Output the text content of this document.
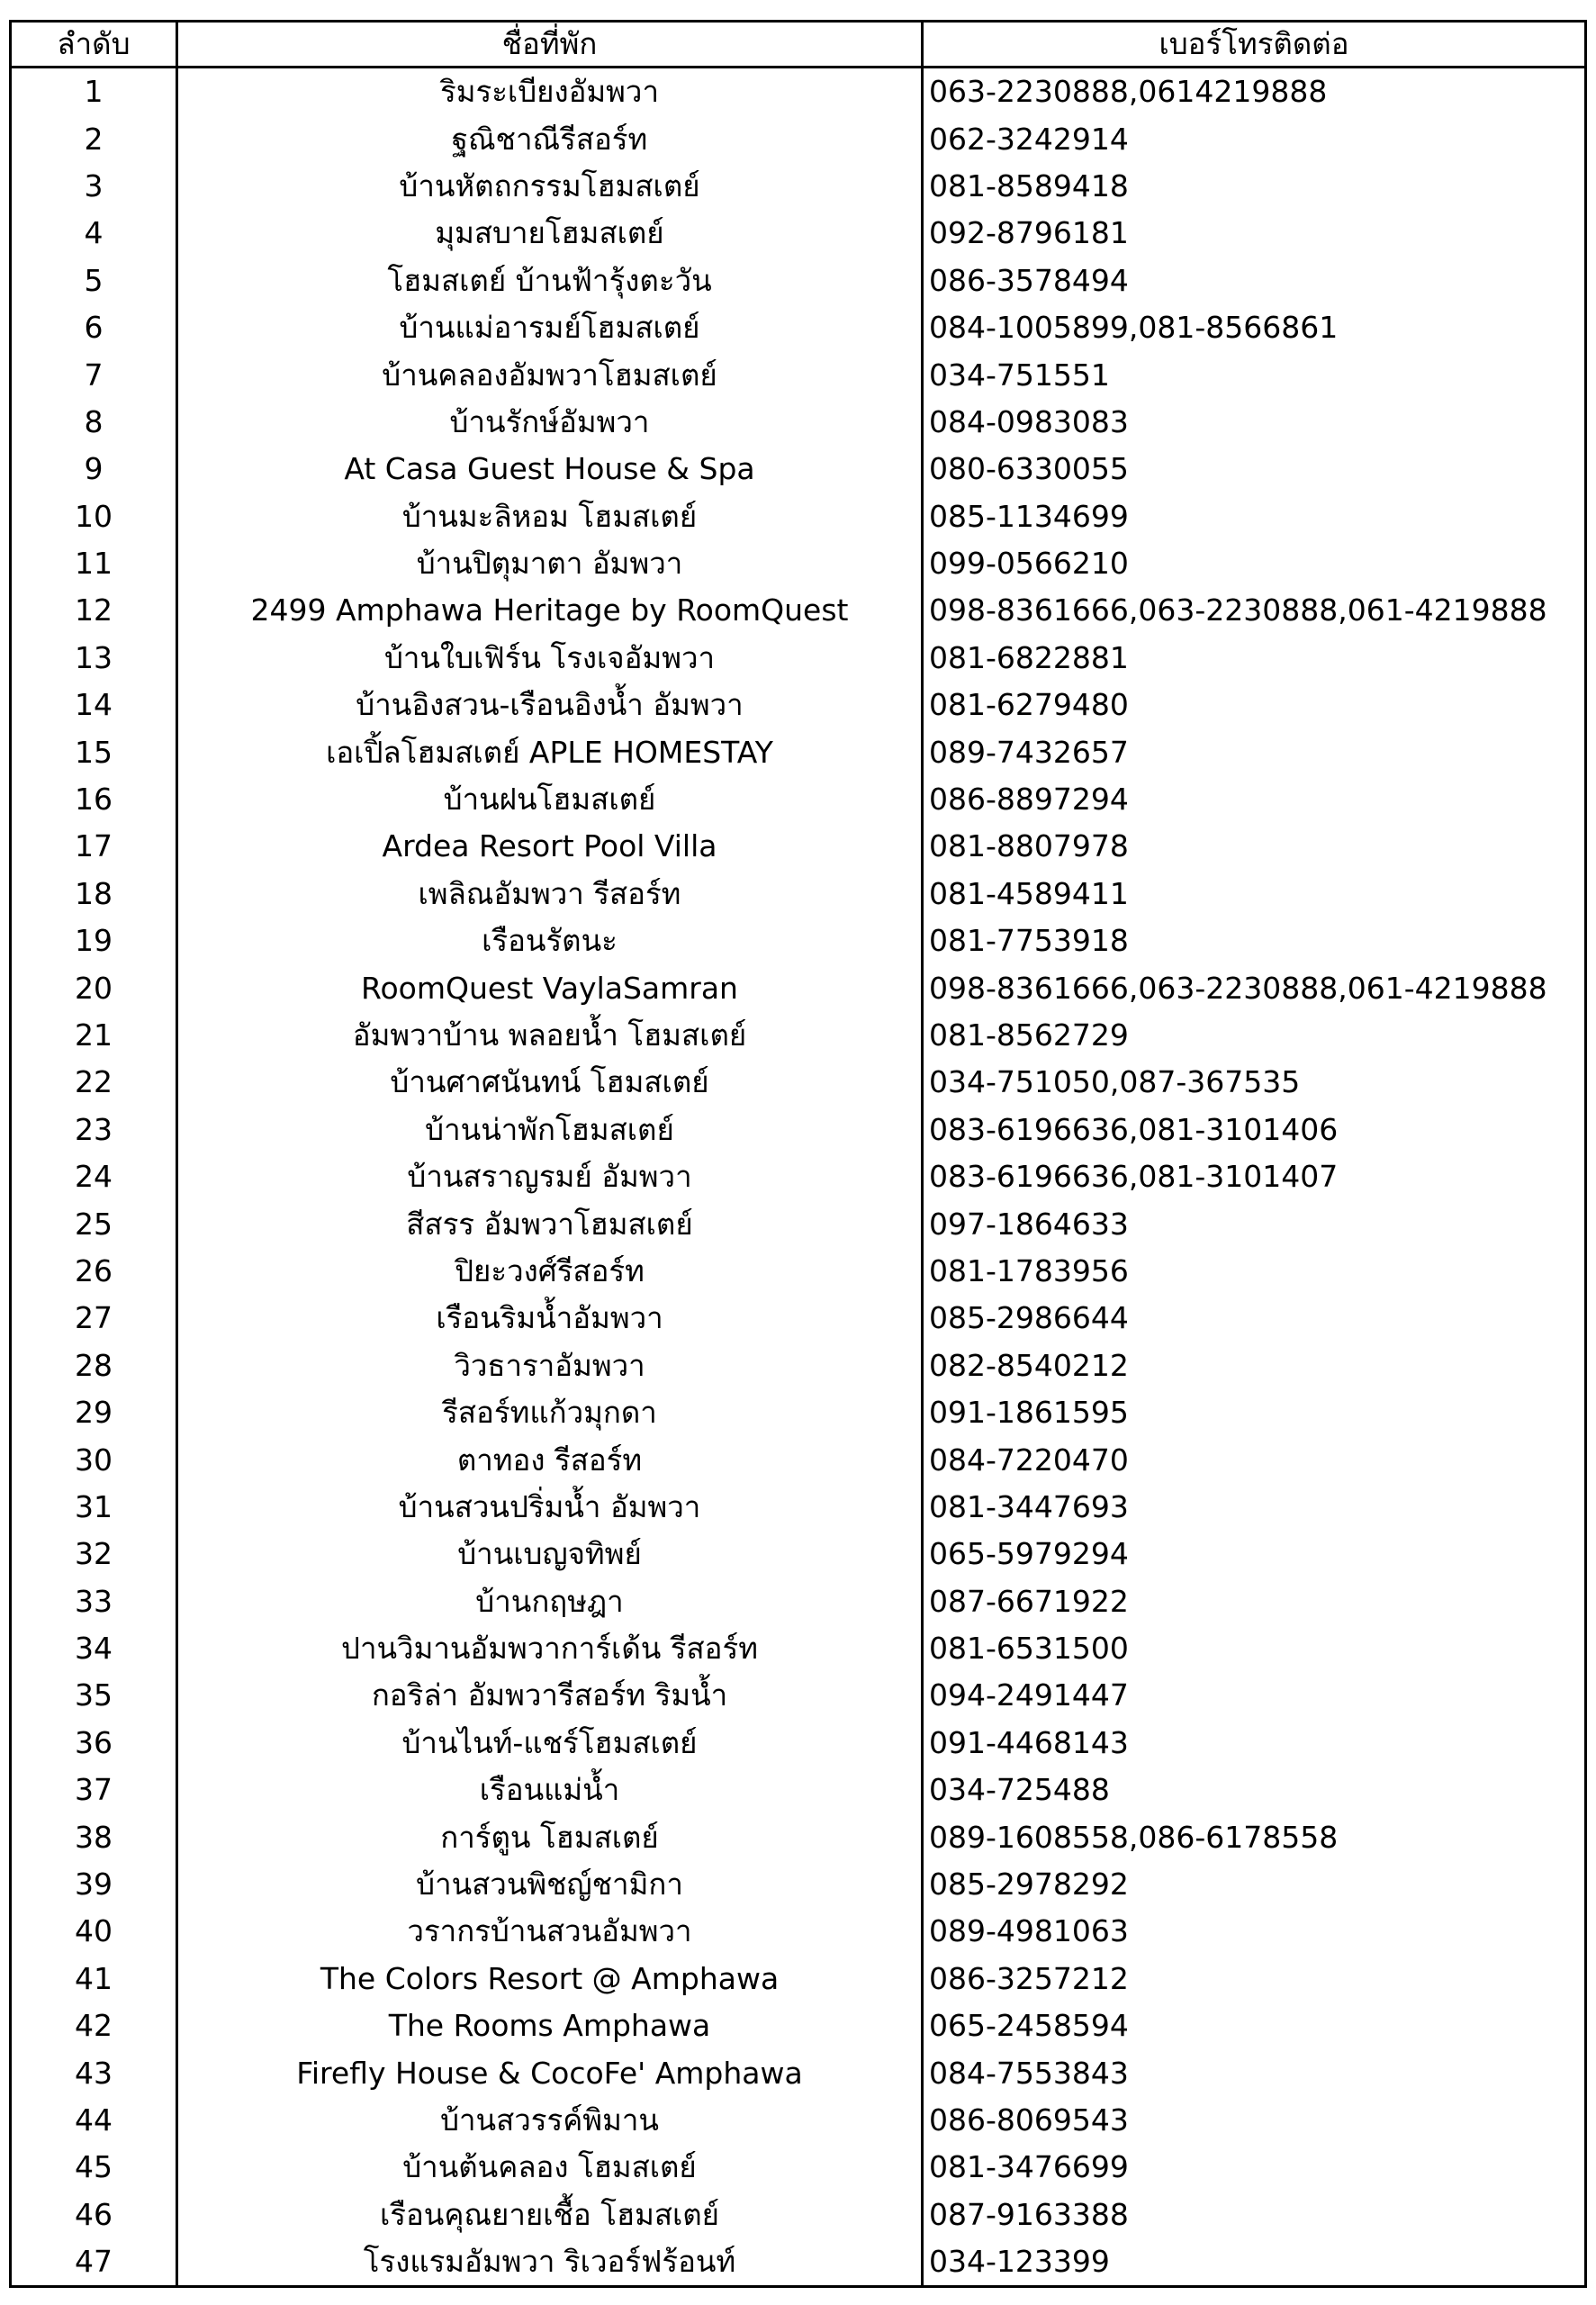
ลำดับ	ชื่อที่พัก	เบอร์โทรติดต่อ
1	ริมระเบียงอัมพวา	063-2230888,0614219888
2	ฐณิชาณีรีสอร์ท	062-3242914
3	บ้านหัตถกรรมโฮมสเตย์	081-8589418
4	มุมสบายโฮมสเตย์	092-8796181
5	โฮมสเตย์ บ้านฟ้ารุ้งตะวัน	086-3578494
6	บ้านแม่อารมย์โฮมสเตย์	084-1005899,081-8566861
7	บ้านคลองอัมพวาโฮมสเตย์	034-751551
8	บ้านรักษ์อัมพวา	084-0983083
9	At Casa Guest House & Spa	080-6330055
10	บ้านมะลิหอม โฮมสเตย์	085-1134699
11	บ้านปิตุมาตา อัมพวา	099-0566210
12	2499 Amphawa Heritage by RoomQuest	098-8361666,063-2230888,061-4219888
13	บ้านใบเฟิร์น โรงเจอัมพวา	081-6822881
14	บ้านอิงสวน-เรือนอิงน้ำ อัมพวา	081-6279480
15	เอเปิ้ลโฮมสเตย์ APLE HOMESTAY	089-7432657
16	บ้านฝนโฮมสเตย์	086-8897294
17	Ardea Resort Pool Villa	081-8807978
18	เพลิณอัมพวา รีสอร์ท	081-4589411
19	เรือนรัตนะ	081-7753918
20	RoomQuest VaylaSamran	098-8361666,063-2230888,061-4219888
21	อัมพวาบ้าน พลอยน้ำ โฮมสเตย์	081-8562729
22	บ้านศาศนันทน์ โฮมสเตย์	034-751050,087-367535
23	บ้านน่าพักโฮมสเตย์	083-6196636,081-3101406
24	บ้านสราญรมย์ อัมพวา	083-6196636,081-3101407
25	สีสรร อัมพวาโฮมสเตย์	097-1864633
26	ปิยะวงศ์รีสอร์ท	081-1783956
27	เรือนริมน้ำอัมพวา	085-2986644
28	วิวธาราอัมพวา	082-8540212
29	รีสอร์ทแก้วมุกดา	091-1861595
30	ตาทอง รีสอร์ท	084-7220470
31	บ้านสวนปริ่มน้ำ อัมพวา	081-3447693
32	บ้านเบญจทิพย์	065-5979294
33	บ้านกฤษฎา	087-6671922
34	ปานวิมานอัมพวาการ์เด้น รีสอร์ท	081-6531500
35	กอริล่า อัมพวารีสอร์ท ริมน้ำ	094-2491447
36	บ้านไนท์-แชร์โฮมสเตย์	091-4468143
37	เรือนแม่น้ำ	034-725488
38	การ์ตูน โฮมสเตย์	089-1608558,086-6178558
39	บ้านสวนพิชญ์ชามิกา	085-2978292
40	วรากรบ้านสวนอัมพวา	089-4981063
41	The Colors Resort @ Amphawa	086-3257212
42	The Rooms Amphawa	065-2458594
43	Firefly House & CocoFe' Amphawa	084-7553843
44	บ้านสวรรค์พิมาน	086-8069543
45	บ้านต้นคลอง โฮมสเตย์	081-3476699
46	เรือนคุณยายเชื้อ โฮมสเตย์	087-9163388
47	โรงแรมอัมพวา ริเวอร์ฟร้อนท์	034-123399
